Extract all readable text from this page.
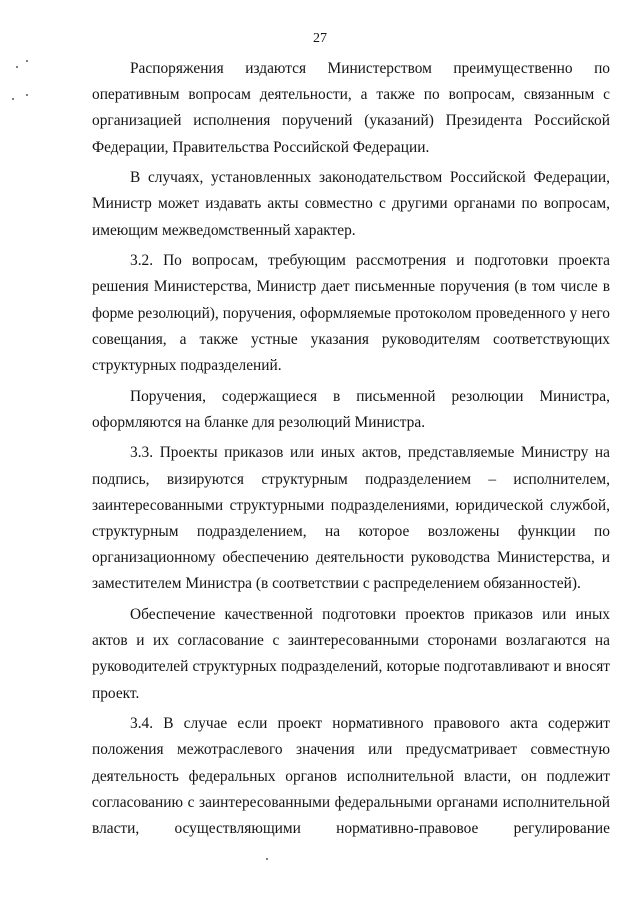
27

Распоряжения издаются Министерством преимущественно по оперативным вопросам деятельности, а также по вопросам, связанным с организацией исполнения поручений (указаний) Президента Российской Федерации, Правительства Российской Федерации.

В случаях, установленных законодательством Российской Федерации, Министр может издавать акты совместно с другими органами по вопросам, имеющим межведомственный характер.

3.2. По вопросам, требующим рассмотрения и подготовки проекта решения Министерства, Министр дает письменные поручения (в том числе в форме резолюций), поручения, оформляемые протоколом проведенного у него совещания, а также устные указания руководителям соответствующих структурных подразделений.

Поручения, содержащиеся в письменной резолюции Министра, оформляются на бланке для резолюций Министра.

3.3. Проекты приказов или иных актов, представляемые Министру на подпись, визируются структурным подразделением – исполнителем, заинтересованными структурными подразделениями, юридической службой, структурным подразделением, на которое возложены функции по организационному обеспечению деятельности руководства Министерства, и заместителем Министра (в соответствии с распределением обязанностей).

Обеспечение качественной подготовки проектов приказов или иных актов и их согласование с заинтересованными сторонами возлагаются на руководителей структурных подразделений, которые подготавливают и вносят проект.

3.4. В случае если проект нормативного правового акта содержит положения межотраслевого значения или предусматривает совместную деятельность федеральных органов исполнительной власти, он подлежит согласованию с заинтересованными федеральными органами исполнительной власти, осуществляющими нормативно-правовое регулирование
